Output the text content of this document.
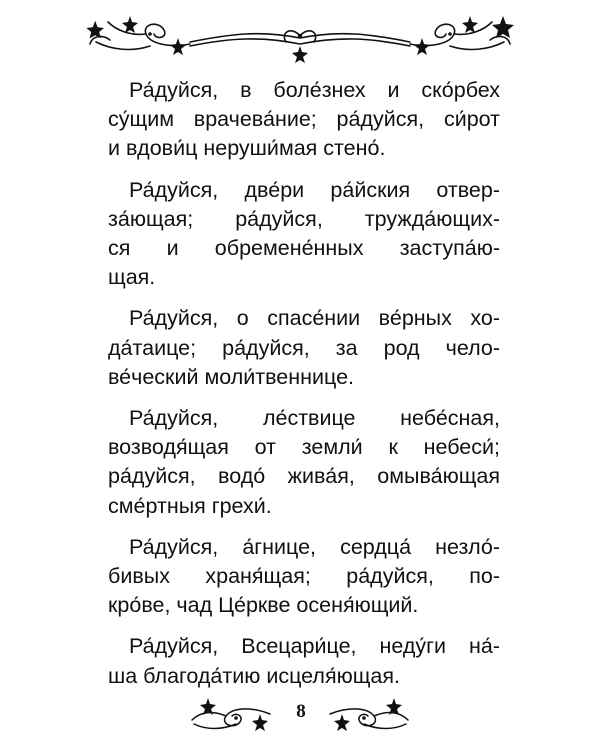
Ра́дуйся, в боле́знех и ско́рбех
су́щим врачева́ние; ра́дуйся, си́рот
и вдови́ц неруши́мая стено́.
Ра́дуйся, две́ри ра́йския отвер-
за́ющая; ра́дуйся, тружда́ющих-
ся и обремене́нных заступа́ю-
щая.
Ра́дуйся, о спасе́нии ве́рных хо-
да́таице; ра́дуйся, за род чело-
ве́ческий моли́твеннице.
Ра́дуйся, ле́ствице небе́сная,
возводя́щая от земли́ к небеси́;
ра́дуйся, водо́ жива́я, омыва́ющая
сме́ртныя грехи́.
Ра́дуйся, а́гнице, сердца́ незло́-
бивых храня́щая; ра́дуйся, по-
кро́ве, чад Це́ркве осеня́ющий.
Ра́дуйся, Всецари́це, неду́ги на́-
ша благода́тию исцеля́ющая.
8
